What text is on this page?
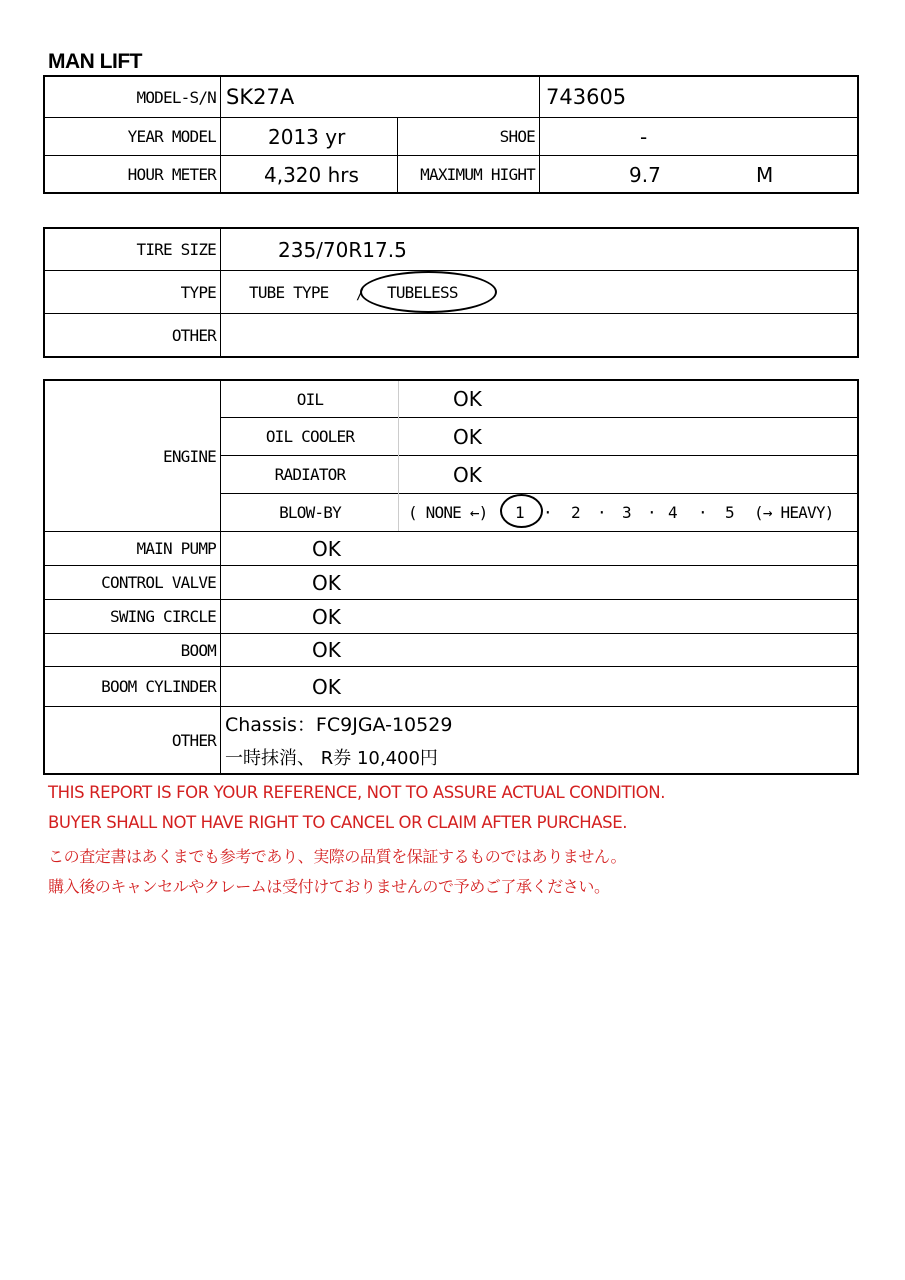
MAN LIFT
MODEL-S/N SK27A	743605
YEAR MODEL	2013 yr	SHOE	-
HOUR METER 4,320 hrs	MAXIMUM HIGHT	9.7	M
TIRE SIZE	235/70R17.5
TYPE TUBE TYPE / TUBELESS
OTHER
ENGINE
OIL	OK
OIL COOLER	OK
RADIATOR	OK
BLOW-BY	( NONE ←) 1 · 2 · 3 · 4 · 5 (→ HEAVY)
MAIN PUMP	OK
CONTROL VALVE	OK
SWING CIRCLE	OK
BOOM	OK
BOOM CYLINDER	OK
OTHER
Chassis：FC9JGA-10529
一時抹消、 R券 10,400円
THIS REPORT IS FOR YOUR REFERENCE, NOT TO ASSURE ACTUAL CONDITION.
BUYER SHALL NOT HAVE RIGHT TO CANCEL OR CLAIM AFTER PURCHASE.
この査定書はあくまでも参考であり、実際の品質を保証するものではありません。
購入後のキャンセルやクレームは受付けておりませんので予めご了承ください。
